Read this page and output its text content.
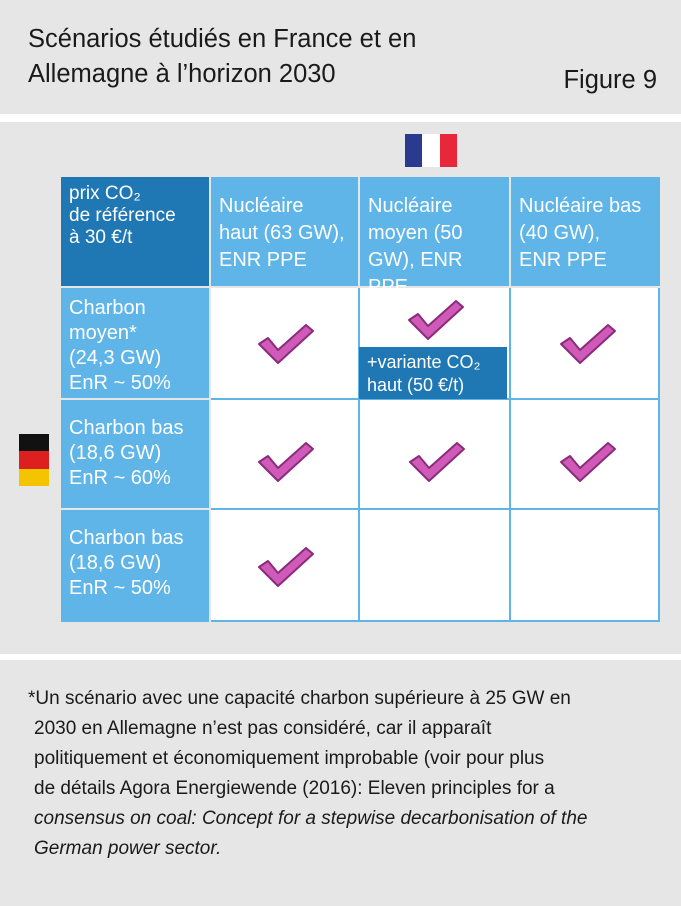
Scénarios étudiés en France et en
Allemagne à l’horizon 2030	Figure 9
prix CO₂
de référence
à 30 €/t
Nucléaire
haut (63 GW),
ENR PPE
Nucléaire
moyen (50
GW), ENR PPE
Nucléaire bas
(40 GW),
ENR PPE
Charbon
moyen*
(24,3 GW)
EnR ~ 50%
Charbon bas
(18,6 GW)
EnR ~ 60%
Charbon bas
(18,6 GW)
EnR ~ 50%
+variante CO₂
haut (50 €/t)
*Un scénario avec une capacité charbon supérieure à 25 GW en
2030 en Allemagne n’est pas considéré, car il apparaît
politiquement et économiquement improbable (voir pour plus
de détails Agora Energiewende (2016): Eleven principles for a
consensus on coal: Concept for a stepwise decarbonisation of the
German power sector.
